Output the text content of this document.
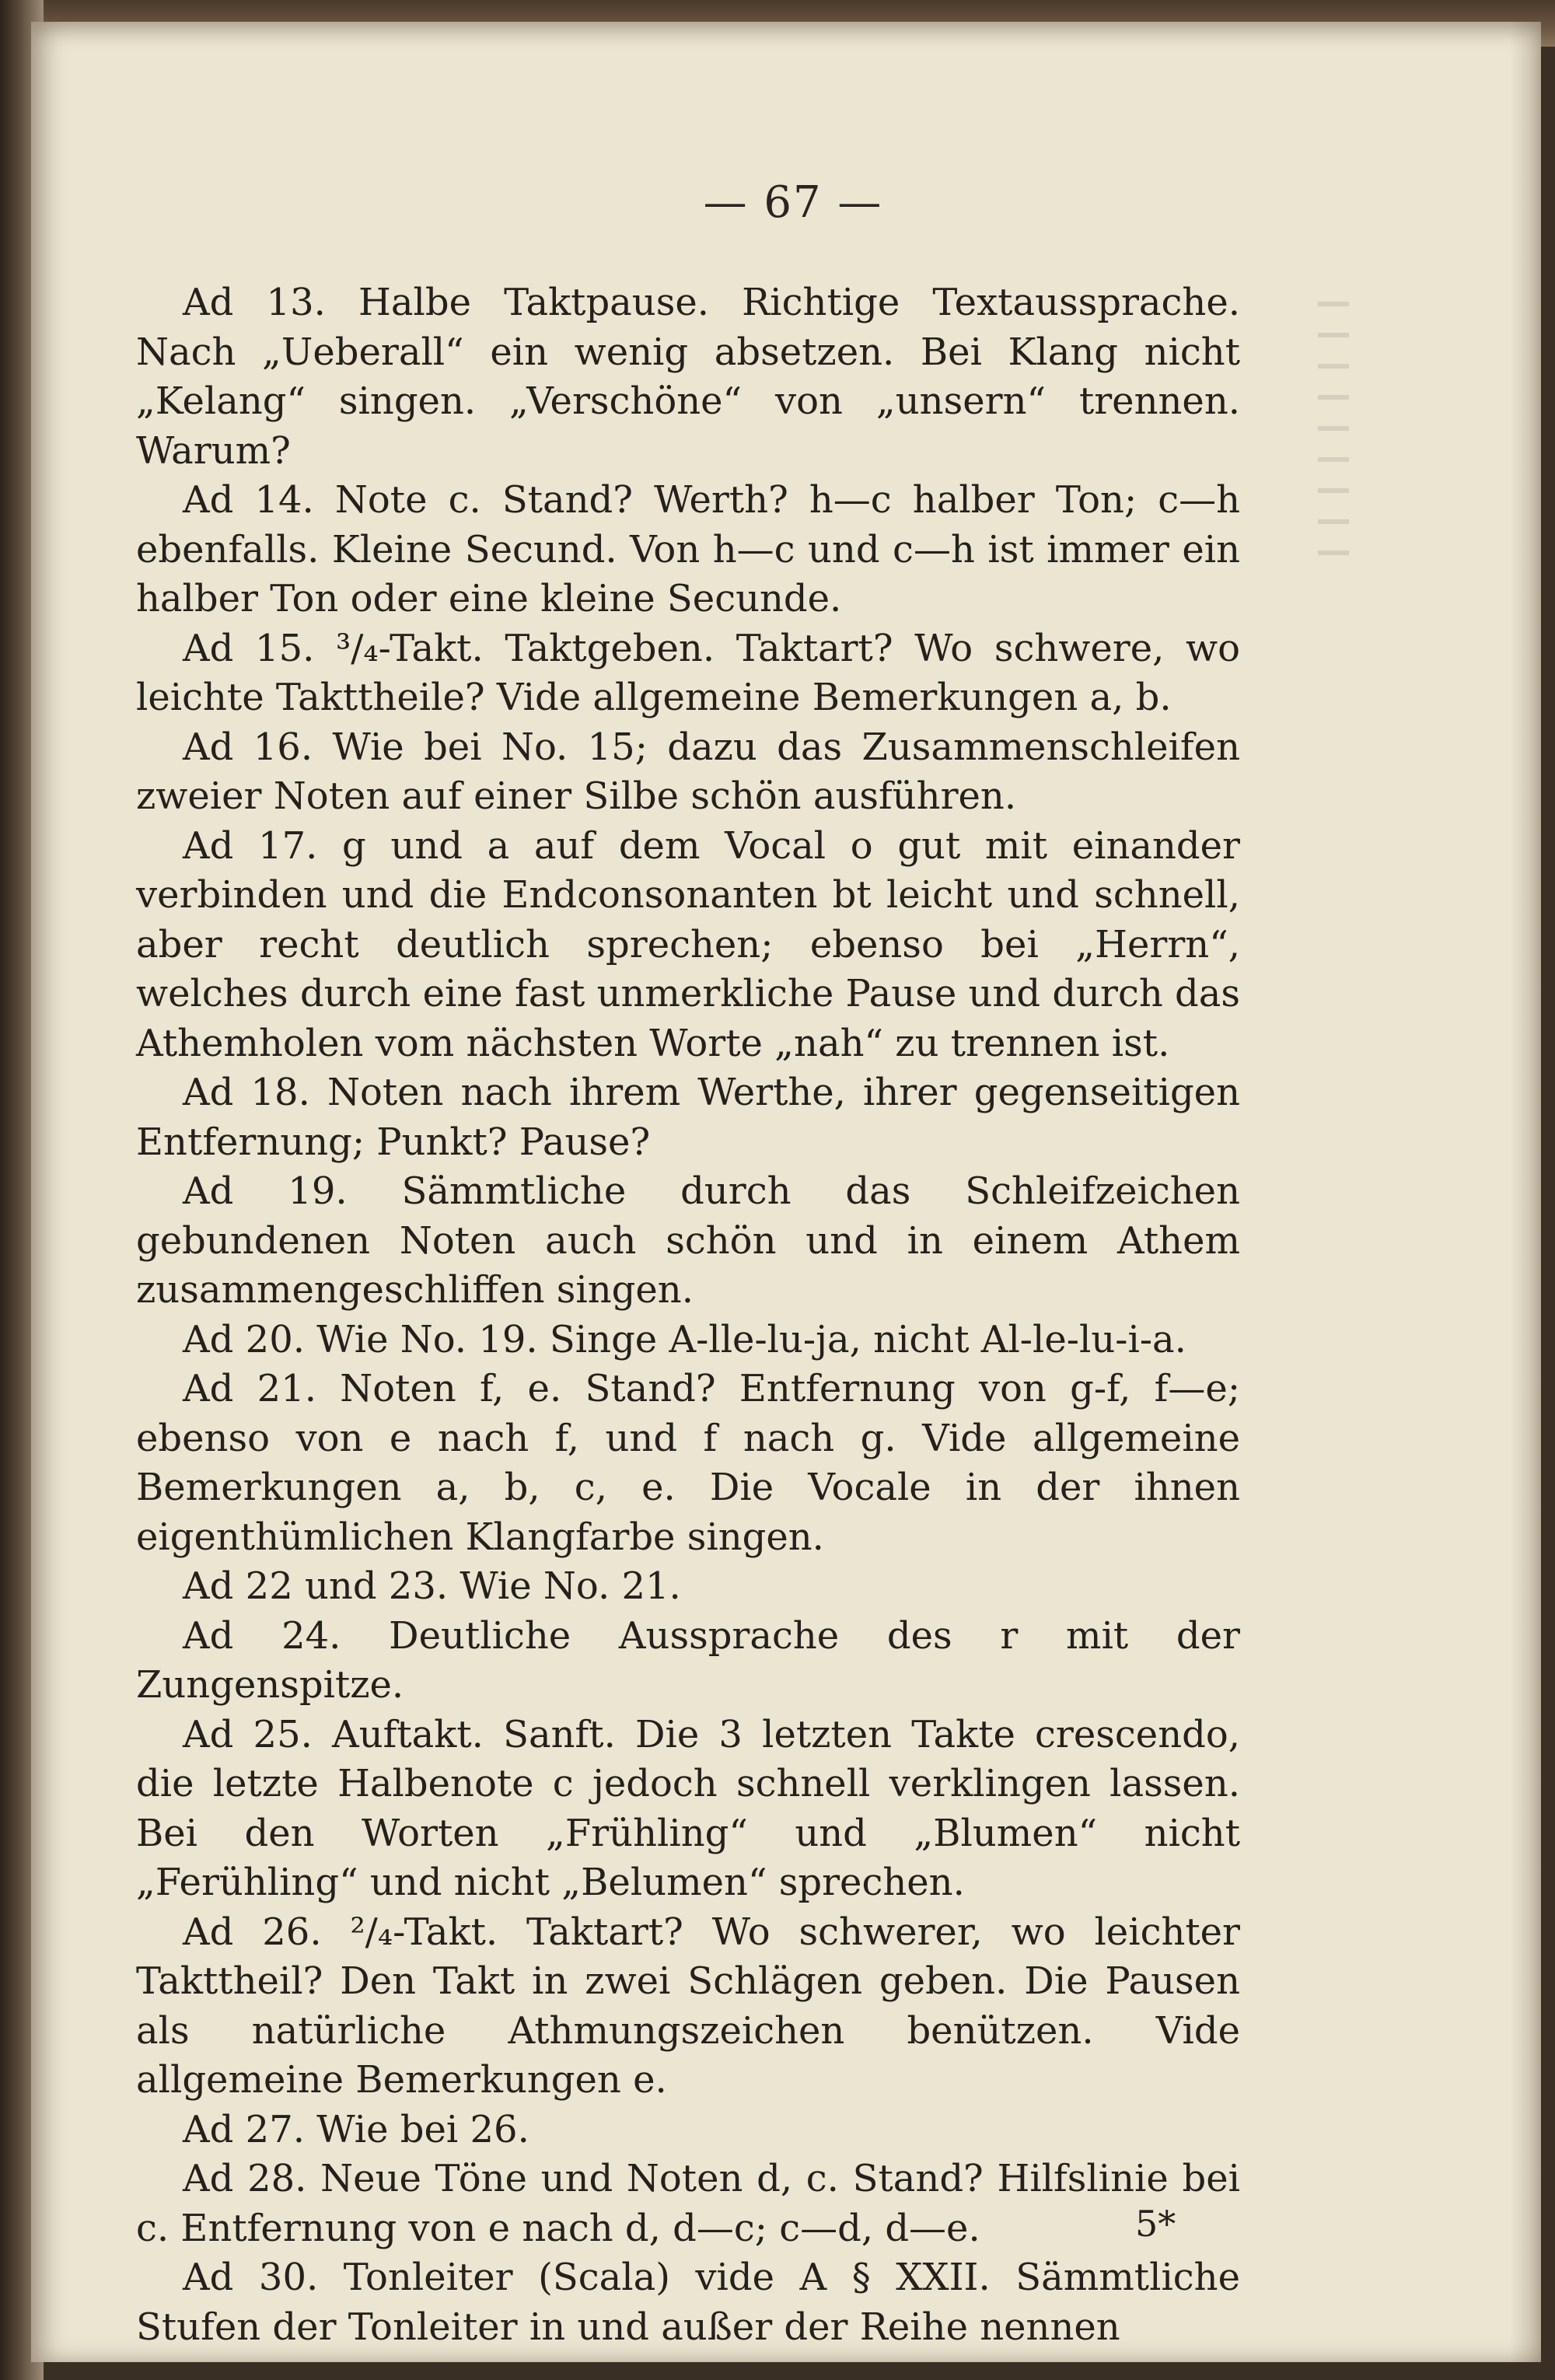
— 67 —

Ad 13. Halbe Taktpause. Richtige Textaussprache. Nach „Ueberall“ ein wenig absetzen. Bei Klang nicht „Kelang“ singen. „Verschöne“ von „unsern“ trennen. Warum?

Ad 14. Note c. Stand? Werth? h—c halber Ton; c—h ebenfalls. Kleine Secund. Von h—c und c—h ist immer ein halber Ton oder eine kleine Secunde.

Ad 15. ³/₄-Takt. Taktgeben. Taktart? Wo schwere, wo leichte Takttheile? Vide allgemeine Bemerkungen a, b.

Ad 16. Wie bei No. 15; dazu das Zusammenschleifen zweier Noten auf einer Silbe schön ausführen.

Ad 17. g und a auf dem Vocal o gut mit einander verbinden und die Endconsonanten bt leicht und schnell, aber recht deutlich sprechen; ebenso bei „Herrn“, welches durch eine fast unmerkliche Pause und durch das Athemholen vom nächsten Worte „nah“ zu trennen ist.

Ad 18. Noten nach ihrem Werthe, ihrer gegenseitigen Entfernung; Punkt? Pause?

Ad 19. Sämmtliche durch das Schleifzeichen gebundenen Noten auch schön und in einem Athem zusammengeschliffen singen.

Ad 20. Wie No. 19. Singe A-lle-lu-ja, nicht Al-le-lu-i-a.

Ad 21. Noten f, e. Stand? Entfernung von g-f, f—e; ebenso von e nach f, und f nach g. Vide allgemeine Bemerkungen a, b, c, e. Die Vocale in der ihnen eigenthümlichen Klangfarbe singen.

Ad 22 und 23. Wie No. 21.

Ad 24. Deutliche Aussprache des r mit der Zungenspitze.

Ad 25. Auftakt. Sanft. Die 3 letzten Takte crescendo, die letzte Halbenote c jedoch schnell verklingen lassen. Bei den Worten „Frühling“ und „Blumen“ nicht „Ferühling“ und nicht „Belumen“ sprechen.

Ad 26. ²/₄-Takt. Taktart? Wo schwerer, wo leichter Takttheil? Den Takt in zwei Schlägen geben. Die Pausen als natürliche Athmungszeichen benützen. Vide allgemeine Bemerkungen e.

Ad 27. Wie bei 26.

Ad 28. Neue Töne und Noten d, c. Stand? Hilfslinie bei c. Entfernung von e nach d, d—c; c—d, d—e.

Ad 30. Tonleiter (Scala) vide A § XXII. Sämmtliche Stufen der Tonleiter in und außer der Reihe nennen

5*
